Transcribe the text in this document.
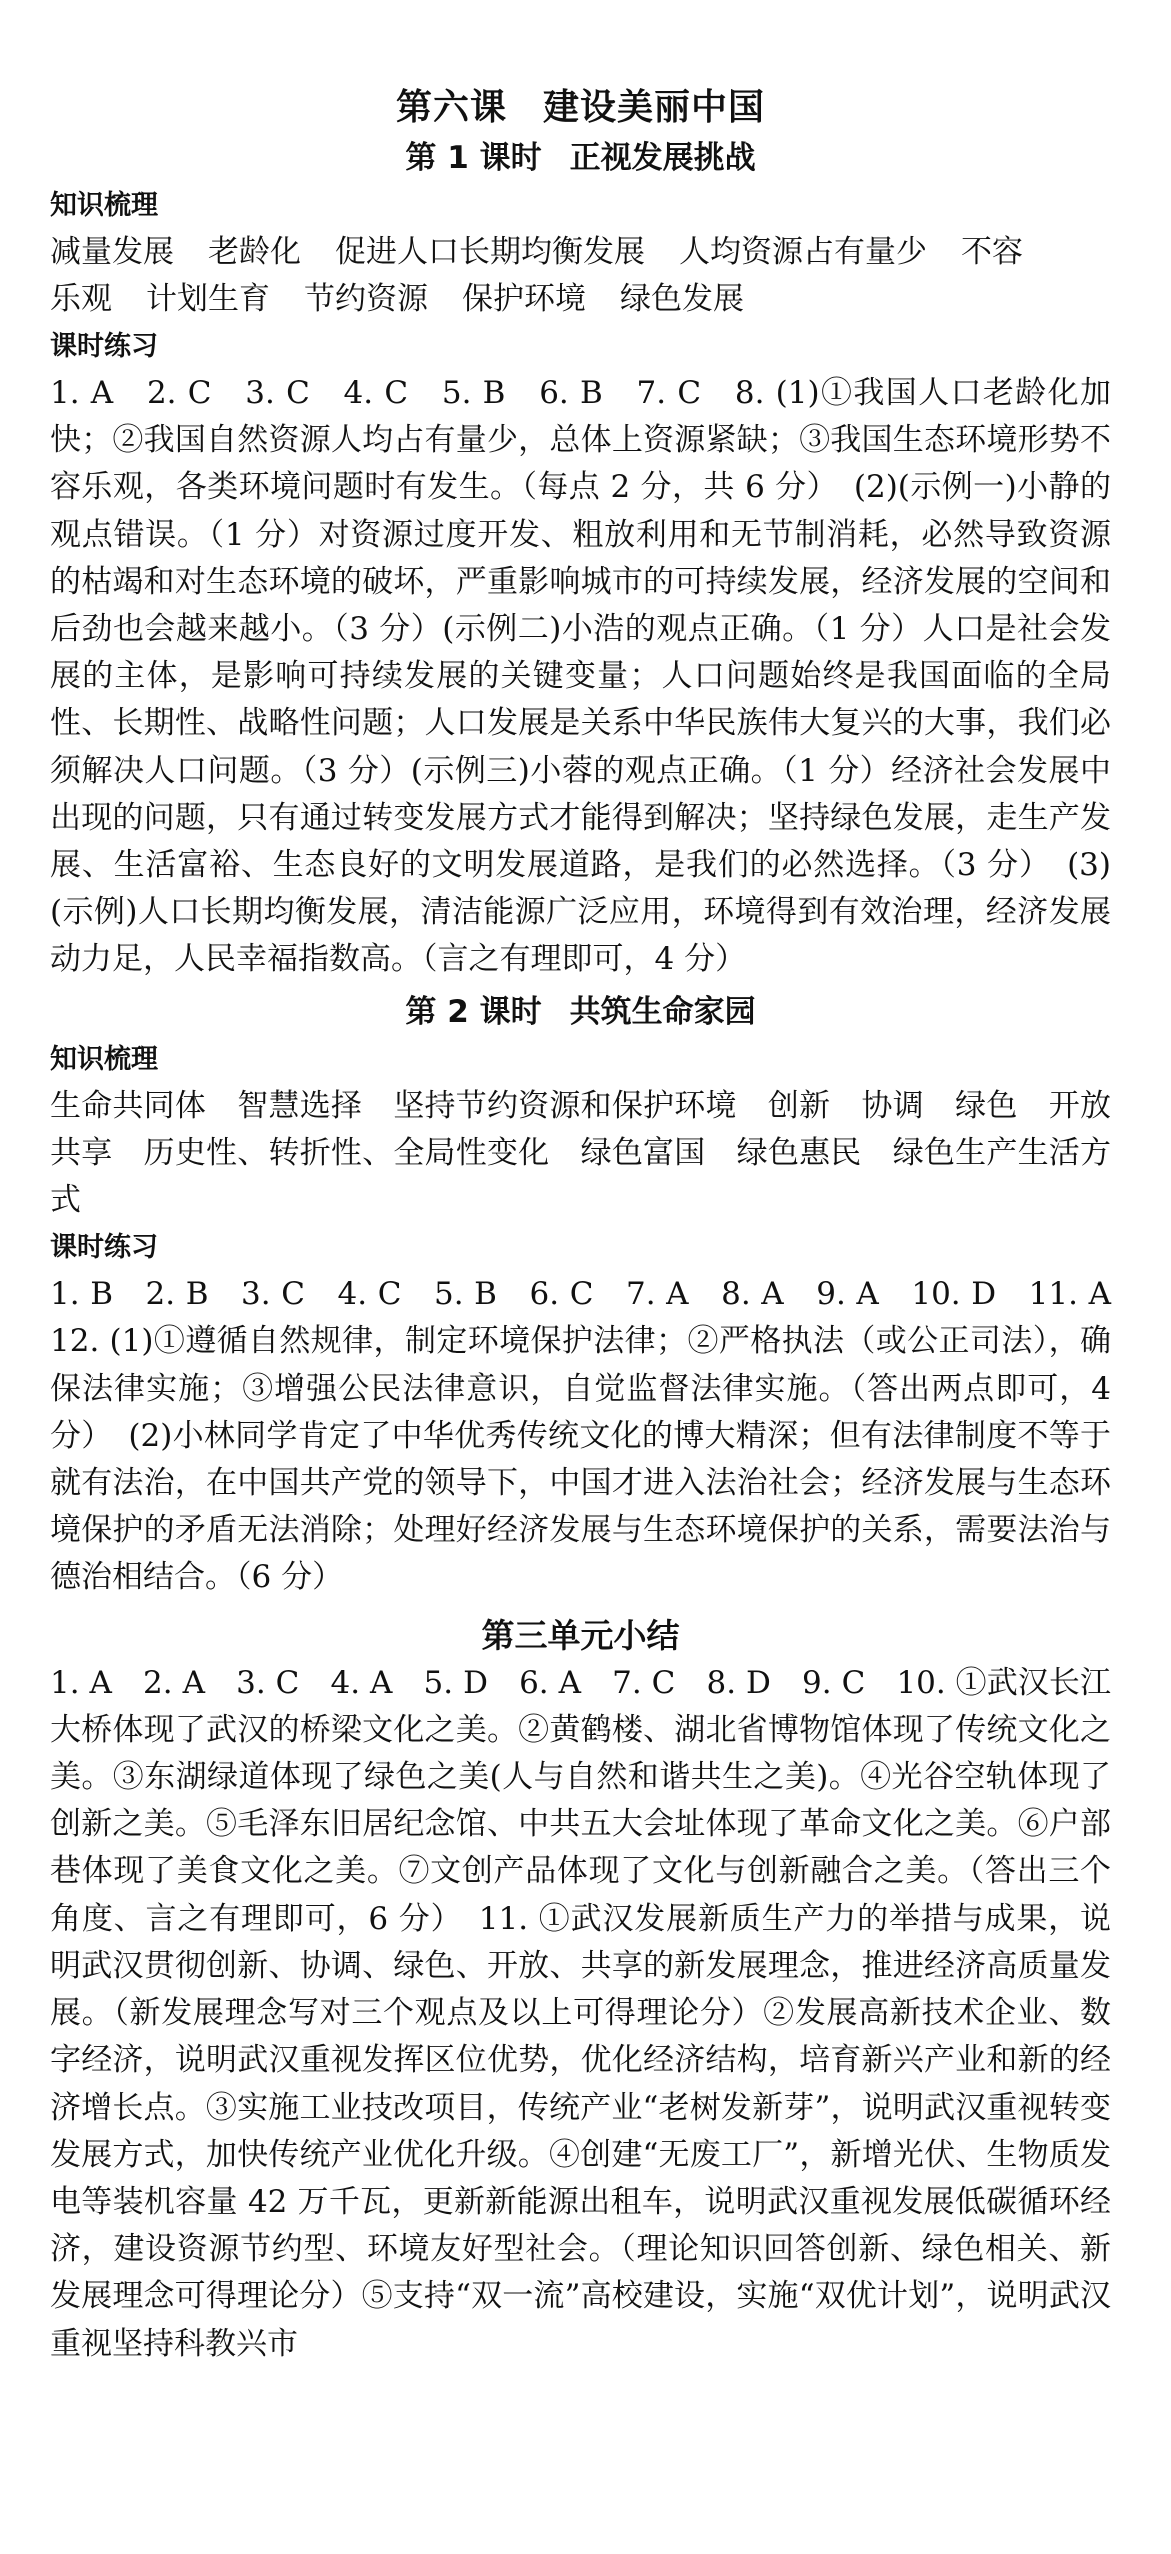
第六课 建设美丽中国
第 1 课时 正视发展挑战

知识梳理

减量发展 老龄化 促进人口长期均衡发展 人均资源占有量少 不容

乐观 计划生育 节约资源 保护环境 绿色发展

课时练习

1. A　2. C　3. C　4. C　5. B　6. B　7. C　8. (1)①我国人口老龄化加快；②我国自然资源人均占有量少，总体上资源紧缺；③我国生态环境形势不容乐观，各类环境问题时有发生。（每点 2 分，共 6 分）　(2)(示例一)小静的观点错误。（1 分）对资源过度开发、粗放利用和无节制消耗，必然导致资源的枯竭和对生态环境的破坏，严重影响城市的可持续发展，经济发展的空间和后劲也会越来越小。（3 分）(示例二)小浩的观点正确。（1 分）人口是社会发展的主体，是影响可持续发展的关键变量；人口问题始终是我国面临的全局性、长期性、战略性问题；人口发展是关系中华民族伟大复兴的大事，我们必须解决人口问题。（3 分）(示例三)小蓉的观点正确。（1 分）经济社会发展中出现的问题，只有通过转变发展方式才能得到解决；坚持绿色发展，走生产发展、生活富裕、生态良好的文明发展道路，是我们的必然选择。（3 分）　(3)(示例)人口长期均衡发展，清洁能源广泛应用，环境得到有效治理，经济发展动力足，人民幸福指数高。（言之有理即可，4 分）

第 2 课时 共筑生命家园

知识梳理

生命共同体　智慧选择　坚持节约资源和保护环境　创新　协调　绿色　开放　共享　历史性、转折性、全局性变化　绿色富国　绿色惠民　绿色生产生活方式

课时练习

1. B　2. B　3. C　4. C　5. B　6. C　7. A　8. A　9. A　10. D　11. A　12. (1)①遵循自然规律，制定环境保护法律；②严格执法（或公正司法），确保法律实施；③增强公民法律意识，自觉监督法律实施。（答出两点即可，4 分）　(2)小林同学肯定了中华优秀传统文化的博大精深；但有法律制度不等于就有法治，在中国共产党的领导下，中国才进入法治社会；经济发展与生态环境保护的矛盾无法消除；处理好经济发展与生态环境保护的关系，需要法治与德治相结合。（6 分）

第三单元小结

1. A　2. A　3. C　4. A　5. D　6. A　7. C　8. D　9. C　10. ①武汉长江大桥体现了武汉的桥梁文化之美。②黄鹤楼、湖北省博物馆体现了传统文化之美。③东湖绿道体现了绿色之美(人与自然和谐共生之美)。④光谷空轨体现了创新之美。⑤毛泽东旧居纪念馆、中共五大会址体现了革命文化之美。⑥户部巷体现了美食文化之美。⑦文创产品体现了文化与创新融合之美。（答出三个角度、言之有理即可，6 分）　11. ①武汉发展新质生产力的举措与成果，说明武汉贯彻创新、协调、绿色、开放、共享的新发展理念，推进经济高质量发展。（新发展理念写对三个观点及以上可得理论分）②发展高新技术企业、数字经济，说明武汉重视发挥区位优势，优化经济结构，培育新兴产业和新的经济增长点。③实施工业技改项目，传统产业“老树发新芽”，说明武汉重视转变发展方式，加快传统产业优化升级。④创建“无废工厂”，新增光伏、生物质发电等装机容量 42 万千瓦，更新新能源出租车，说明武汉重视发展低碳循环经济，建设资源节约型、环境友好型社会。（理论知识回答创新、绿色相关、新发展理念可得理论分）⑤支持“双一流”高校建设，实施“双优计划”，说明武汉重视坚持科教兴市
